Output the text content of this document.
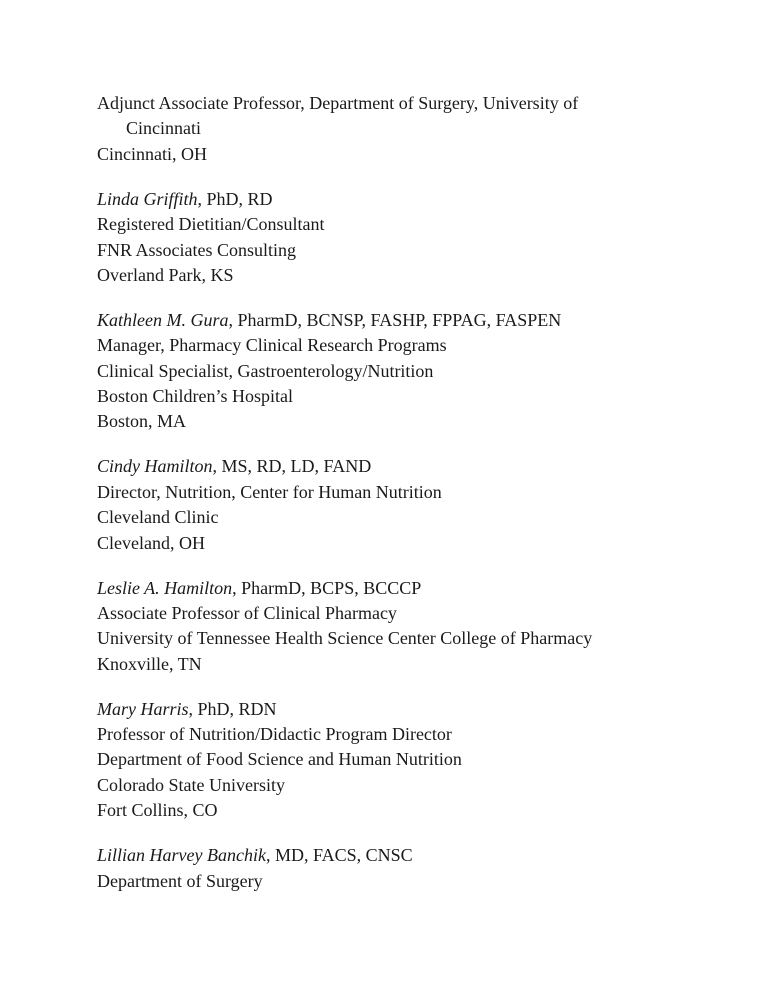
Adjunct Associate Professor, Department of Surgery, University of
Cincinnati
Cincinnati, OH
Linda Griffith, PhD, RD
Registered Dietitian/Consultant
FNR Associates Consulting
Overland Park, KS
Kathleen M. Gura, PharmD, BCNSP, FASHP, FPPAG, FASPEN
Manager, Pharmacy Clinical Research Programs
Clinical Specialist, Gastroenterology/Nutrition
Boston Children’s Hospital
Boston, MA
Cindy Hamilton, MS, RD, LD, FAND
Director, Nutrition, Center for Human Nutrition
Cleveland Clinic
Cleveland, OH
Leslie A. Hamilton, PharmD, BCPS, BCCCP
Associate Professor of Clinical Pharmacy
University of Tennessee Health Science Center College of Pharmacy
Knoxville, TN
Mary Harris, PhD, RDN
Professor of Nutrition/Didactic Program Director
Department of Food Science and Human Nutrition
Colorado State University
Fort Collins, CO
Lillian Harvey Banchik, MD, FACS, CNSC
Department of Surgery
